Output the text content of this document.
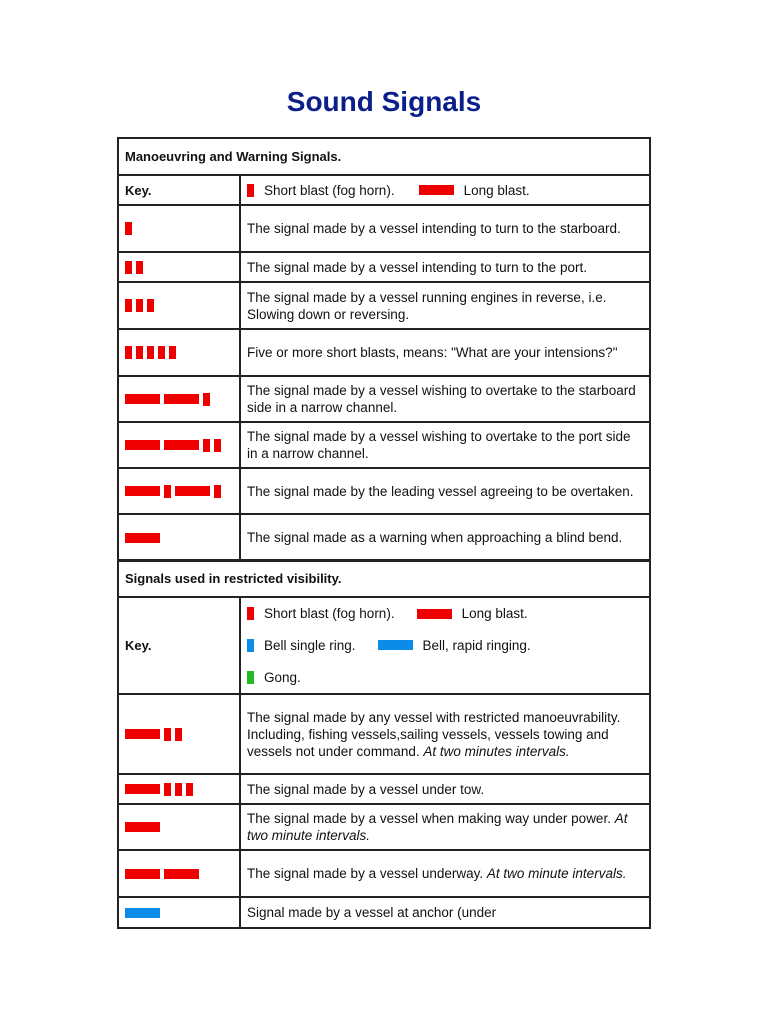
Sound Signals
Manoeuvring and Warning Signals.
Key.	Short blast (fog horn).	Long blast.
The signal made by a vessel intending to turn to the starboard.
The signal made by a vessel intending to turn to the port.
The signal made by a vessel running engines in reverse, i.e. Slowing down or reversing.
Five or more short blasts, means: "What are your intensions?"
The signal made by a vessel wishing to overtake to the starboard side in a narrow channel.
The signal made by a vessel wishing to overtake to the port side in a narrow channel.
The signal made by the leading vessel agreeing to be overtaken.
The signal made as a warning when approaching a blind bend.
Signals used in restricted visibility.
Key.
Short blast (fog horn).	Long blast.
Bell single ring.	Bell, rapid ringing.
Gong.
The signal made by any vessel with restricted manoeuvrability. Including, fishing vessels,sailing vessels, vessels towing and vessels not under command. At two minutes intervals.
The signal made by a vessel under tow.
The signal made by a vessel when making way under power. At two minute intervals.
The signal made by a vessel underway. At two minute intervals.
Signal made by a vessel at anchor (under
